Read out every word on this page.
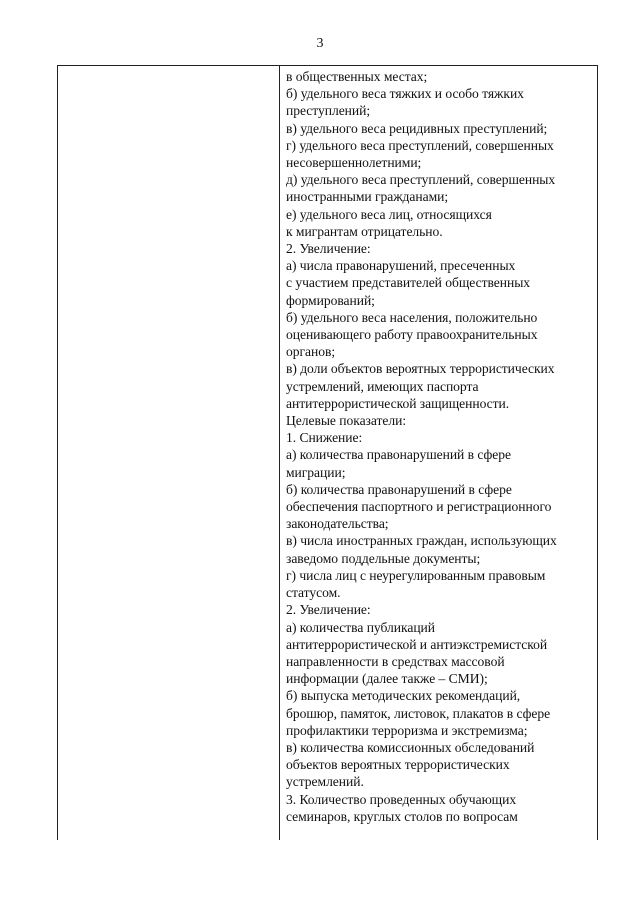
3
в общественных местах;
б) удельного веса тяжких и особо тяжких
преступлений;
в) удельного веса рецидивных преступлений;
г) удельного веса преступлений, совершенных
несовершеннолетними;
д) удельного веса преступлений, совершенных
иностранными гражданами;
е) удельного веса лиц, относящихся
к мигрантам отрицательно.
2. Увеличение:
а) числа правонарушений, пресеченных
с участием представителей общественных
формирований;
б) удельного веса населения, положительно
оценивающего работу правоохранительных
органов;
в) доли объектов вероятных террористических
устремлений, имеющих паспорта
антитеррористической защищенности.
Целевые показатели:
1. Снижение:
а) количества правонарушений в сфере
миграции;
б) количества правонарушений в сфере
обеспечения паспортного и регистрационного
законодательства;
в) числа иностранных граждан, использующих
заведомо поддельные документы;
г) числа лиц с неурегулированным правовым
статусом.
2. Увеличение:
а) количества публикаций
антитеррористической и антиэкстремистской
направленности в средствах массовой
информации (далее также – СМИ);
б) выпуска методических рекомендаций,
брошюр, памяток, листовок, плакатов в сфере
профилактики терроризма и экстремизма;
в) количества комиссионных обследований
объектов вероятных террористических
устремлений.
3. Количество проведенных обучающих
семинаров, круглых столов по вопросам
